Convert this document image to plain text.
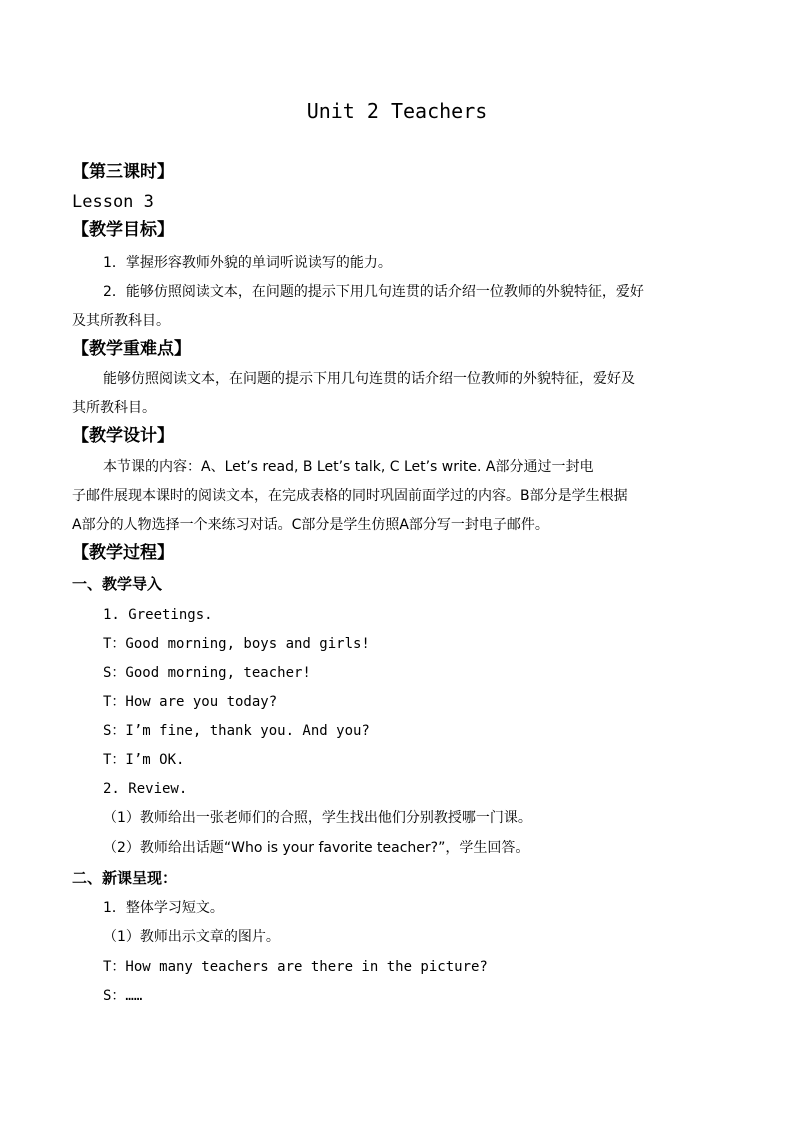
Unit 2 Teachers
【第三课时】
Lesson 3
【教学目标】
1．掌握形容教师外貌的单词听说读写的能力。
2．能够仿照阅读文本，在问题的提示下用几句连贯的话介绍一位教师的外貌特征，爱好
及其所教科目。
【教学重难点】
能够仿照阅读文本，在问题的提示下用几句连贯的话介绍一位教师的外貌特征，爱好及
其所教科目。
【教学设计】
本节课的内容：A、Let’s read, B Let’s talk, C Let’s write. A部分通过一封电
子邮件展现本课时的阅读文本，在完成表格的同时巩固前面学过的内容。B部分是学生根据
A部分的人物选择一个来练习对话。C部分是学生仿照A部分写一封电子邮件。
【教学过程】
一、教学导入
1. Greetings.
T：Good morning, boys and girls!
S：Good morning, teacher!
T：How are you today?
S：I’m fine, thank you. And you?
T：I’m OK.
2. Review.
（1）教师给出一张老师们的合照，学生找出他们分别教授哪一门课。
（2）教师给出话题“Who is your favorite teacher?”，学生回答。
二、新课呈现：
1．整体学习短文。
（1）教师出示文章的图片。
T：How many teachers are there in the picture?
S：……
